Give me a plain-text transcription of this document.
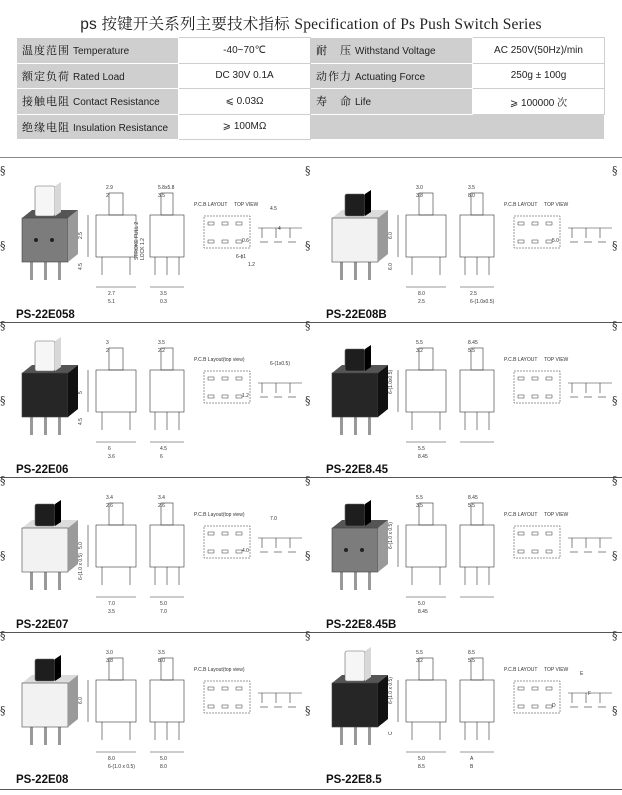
ps 按键开关系列主要技术指标 Specification of Ps Push Switch Series
温度范围 Temperature	-40~70℃	耐　压 Withstand Voltage	AC 250V(50Hz)/min
额定负荷 Rated Load	DC 30V 0.1A	动作力 Actuating Force	250g ± 100g
接触电阻 Contact Resistance	⩽ 0.03Ω	寿　命 Life	⩾ 100000 次
绝缘电阻 Insulation Resistance	⩾ 100MΩ		
2.9
2
5.8x5.8
3.5
2.5
2.7
5.1
3.5
0.3
4.5
0.6
4.5
4
6-ϕ1
1.2
P.C.B LAYOUT TOP VIEW
STROKE FULL 2 LOCK 1.2
PS-22E058
3.0
3.8
3.5
8.0
6.0
8.0
2.5
2.5
6-(1.0x0.5)
6.0
5.0
P.C.B LAYOUT TOP VIEW
PS-22E08B
3
2
3.5
2.2
5
6
3.6
4.5
6
4.5
1.2
6-(1x0.5)
P.C.B Layout(top view)
PS-22E06
5.5
3.2
8.45
5.5
6-(1.0x0.5)
5.5
8.45
P.C.B LAYOUT TOP VIEW
PS-22E8.45
3.4
2.6
3.4
2.6
5.0
7.0
3.5
5.0
7.0
6-(1.0 x 0.5)
4.0
7.0
P.C.B Layout(top view)
PS-22E07
5.5
3.5
8.45
5.5
6-(1.0 x 0.5)
5.0
8.45
P.C.B LAYOUT TOP VIEW
PS-22E8.45B
3.0
3.8
3.5
8.0
6.0
8.0
6-(1.0 x 0.5)
5.0
8.0
P.C.B Layout(top view)
PS-22E08
5.5
3.2
8.5
5.5
6-(1.0 x 0.5)
5.0
8.5
A
B
C
D
E
F
P.C.B LAYOUT TOP VIEW
PS-22E8.5
§
§	§
§
§	§
§
§	§
§
§	§
§
§	§
§
§	§
§
§	§
§
§	§
